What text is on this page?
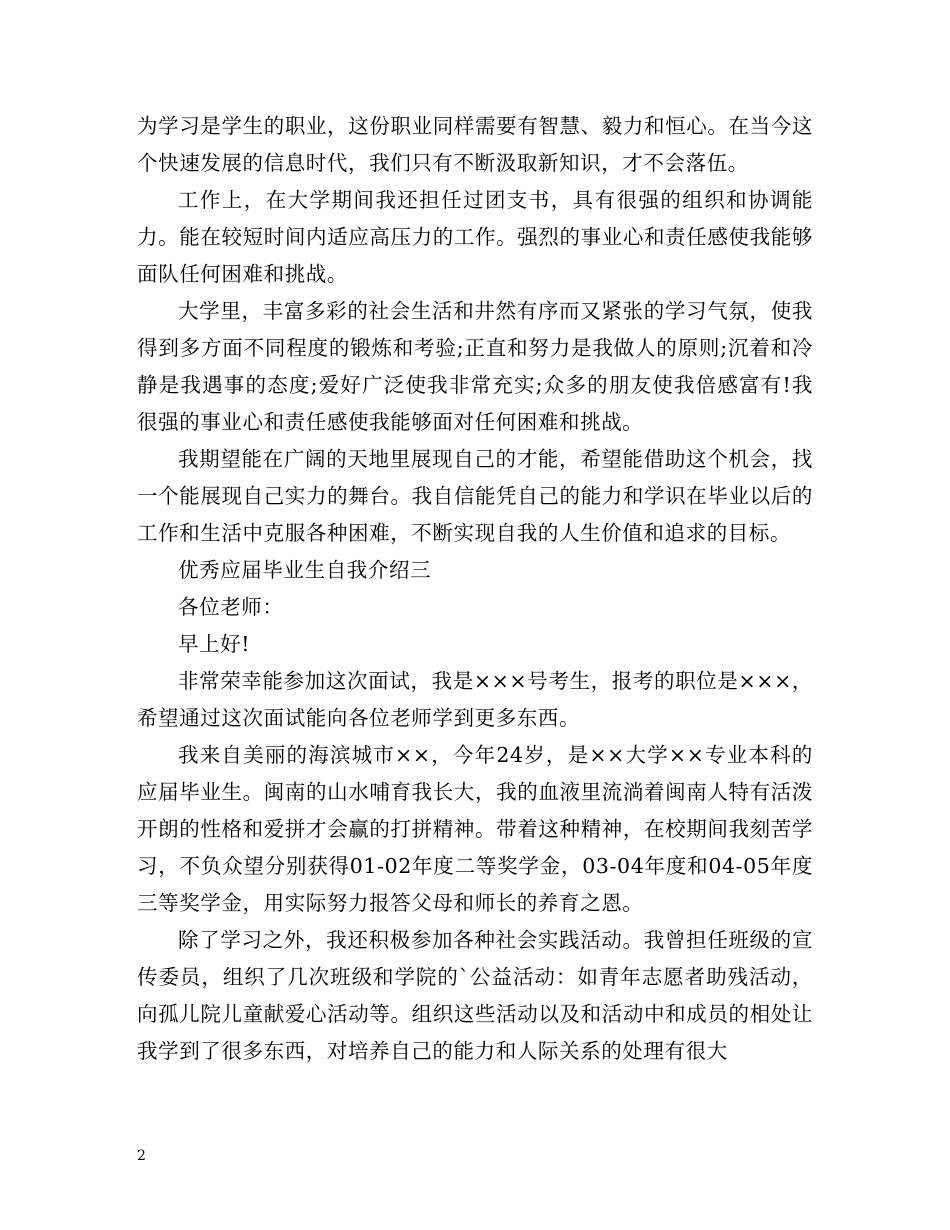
为学习是学生的职业，这份职业同样需要有智慧、毅力和恒心。在当今这个快速发展的信息时代，我们只有不断汲取新知识，才不会落伍。

工作上，在大学期间我还担任过团支书，具有很强的组织和协调能力。能在较短时间内适应高压力的工作。强烈的事业心和责任感使我能够面队任何困难和挑战。

大学里，丰富多彩的社会生活和井然有序而又紧张的学习气氛，使我得到多方面不同程度的锻炼和考验;正直和努力是我做人的原则;沉着和冷静是我遇事的态度;爱好广泛使我非常充实;众多的朋友使我倍感富有!我很强的事业心和责任感使我能够面对任何困难和挑战。

我期望能在广阔的天地里展现自己的才能，希望能借助这个机会，找一个能展现自己实力的舞台。我自信能凭自己的能力和学识在毕业以后的工作和生活中克服各种困难，不断实现自我的人生价值和追求的目标。

优秀应届毕业生自我介绍三

各位老师：

早上好!

非常荣幸能参加这次面试，我是×××号考生，报考的职位是×××，希望通过这次面试能向各位老师学到更多东西。

我来自美丽的海滨城市××，今年24岁，是××大学××专业本科的应届毕业生。闽南的山水哺育我长大，我的血液里流淌着闽南人特有活泼开朗的性格和爱拼才会赢的打拼精神。带着这种精神，在校期间我刻苦学习，不负众望分别获得01-02年度二等奖学金，03-04年度和04-05年度三等奖学金，用实际努力报答父母和师长的养育之恩。

除了学习之外，我还积极参加各种社会实践活动。我曾担任班级的宣传委员，组织了几次班级和学院的`公益活动：如青年志愿者助残活动，向孤儿院儿童献爱心活动等。组织这些活动以及和活动中和成员的相处让我学到了很多东西，对培养自己的能力和人际关系的处理有很大

2
